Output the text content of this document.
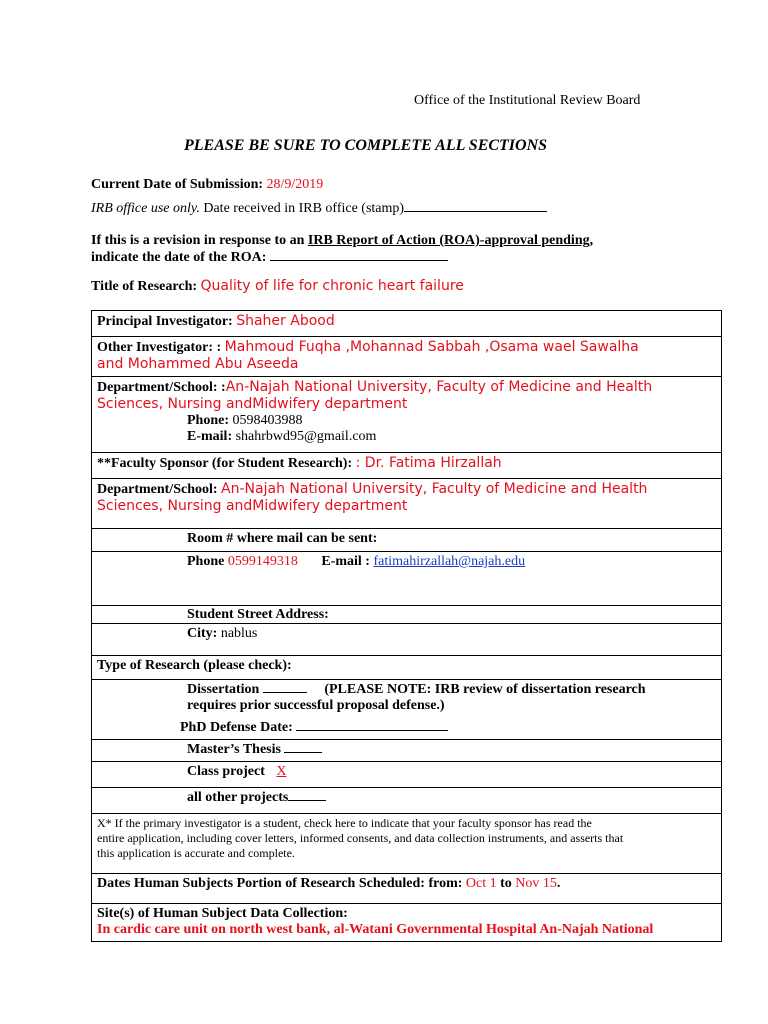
Office of the Institutional Review Board
PLEASE BE SURE TO COMPLETE ALL SECTIONS
Current Date of Submission: 28/9/2019
IRB office use only. Date received in IRB office (stamp)
If this is a revision in response to an IRB Report of Action (ROA)-approval pending,
indicate the date of the ROA:
Title of Research: Quality of life for chronic heart failure
Principal Investigator: Shaher Abood
Other Investigator: : Mahmoud Fuqha ,Mohannad Sabbah ,Osama wael Sawalha
and Mohammed Abu Aseeda
Department/School: :An-Najah National University, Faculty of Medicine and Health
Sciences, Nursing andMidwifery department
Phone: 0598403988
E-mail: shahrbwd95@gmail.com
**Faculty Sponsor (for Student Research): : Dr. Fatima Hirzallah
Department/School: An-Najah National University, Faculty of Medicine and Health
Sciences, Nursing andMidwifery department
Room # where mail can be sent:
Phone 0599149318 E-mail : fatimahirzallah@najah.edu
Student Street Address:
City: nablus
Type of Research (please check):

Dissertation	(PLEASE NOTE: IRB review of dissertation research
requires prior successful proposal defense.)
PhD Defense Date:

Master’s Thesis
Class project X
all other projects
X* If the primary investigator is a student, check here to indicate that your faculty sponsor has read the
entire application, including cover letters, informed consents, and data collection instruments, and asserts that
this application is accurate and complete.
Dates Human Subjects Portion of Research Scheduled: from: Oct 1 to Nov 15.
Site(s) of Human Subject Data Collection:
In cardic care unit on north west bank, al-Watani Governmental Hospital An-Najah National
